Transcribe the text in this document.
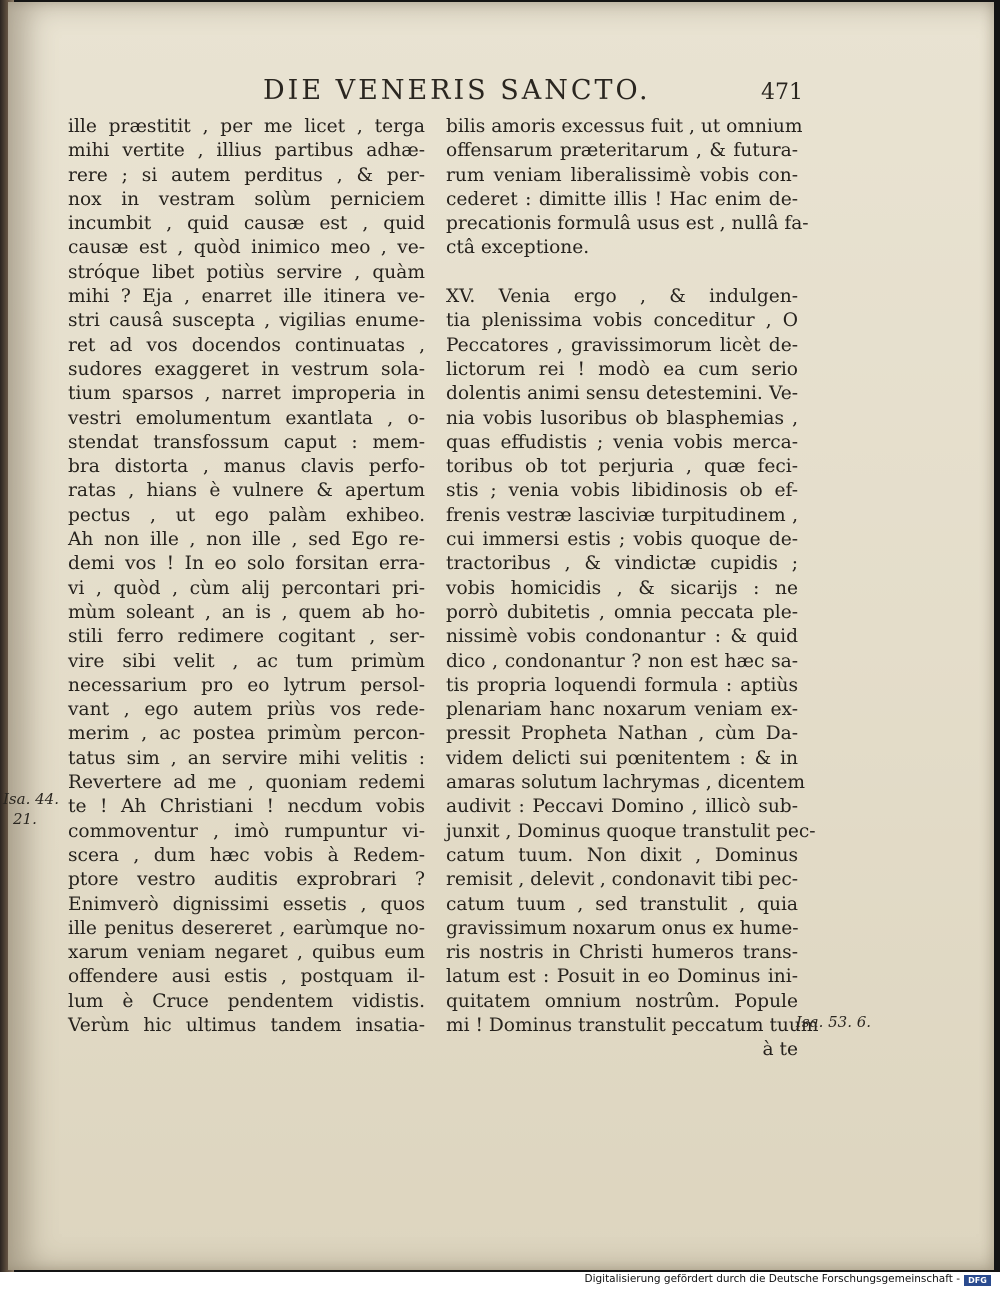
DIE VENERIS SANCTO.	471
ille præstitit , per me licet , terga
mihi vertite , illius partibus adhæ-
rere ; si autem perditus , & per-
nox in vestram solùm perniciem
incumbit , quid causæ est , quid
causæ est , quòd inimico meo , ve-
stróque libet potiùs servire , quàm
mihi ? Eja , enarret ille itinera ve-
stri causâ suscepta , vigilias enume-
ret ad vos docendos continuatas ,
sudores exaggeret in vestrum sola-
tium sparsos , narret improperia in
vestri emolumentum exantlata , o-
stendat transfossum caput : mem-
bra distorta , manus clavis perfo-
ratas , hians è vulnere & apertum
pectus , ut ego palàm exhibeo.
Ah non ille , non ille , sed Ego re-
demi vos ! In eo solo forsitan erra-
vi , quòd , cùm alij percontari pri-
mùm soleant , an is , quem ab ho-
stili ferro redimere cogitant , ser-
vire sibi velit , ac tum primùm
necessarium pro eo lytrum persol-
vant , ego autem priùs vos rede-
merim , ac postea primùm percon-
tatus sim , an servire mihi velitis :
Revertere ad me , quoniam redemi
te ! Ah Christiani ! necdum vobis
commoventur , imò rumpuntur vi-
scera , dum hæc vobis à Redem-
ptore vestro auditis exprobrari ?
Enimverò dignissimi essetis , quos
ille penitus desereret , earùmque no-
xarum veniam negaret , quibus eum
offendere ausi estis , postquam il-
lum è Cruce pendentem vidistis.
Verùm hic ultimus tandem insatia-
bilis amoris excessus fuit , ut omnium
offensarum præteritarum , & futura-
rum veniam liberalissimè vobis con-
cederet : dimitte illis ! Hac enim de-
precationis formulâ usus est , nullâ fa-
ctâ exceptione.
XV. Venia ergo , & indulgen-
tia plenissima vobis conceditur , O
Peccatores , gravissimorum licèt de-
lictorum rei ! modò ea cum serio
dolentis animi sensu detestemini. Ve-
nia vobis lusoribus ob blasphemias ,
quas effudistis ; venia vobis merca-
toribus ob tot perjuria , quæ feci-
stis ; venia vobis libidinosis ob ef-
frenis vestræ lasciviæ turpitudinem ,
cui immersi estis ; vobis quoque de-
tractoribus , & vindictæ cupidis ;
vobis homicidis , & sicarijs : ne
porrò dubitetis , omnia peccata ple-
nissimè vobis condonantur : & quid
dico , condonantur ? non est hæc sa-
tis propria loquendi formula : aptiùs
plenariam hanc noxarum veniam ex-
pressit Propheta Nathan , cùm Da-
videm delicti sui pœnitentem : & in
amaras solutum lachrymas , dicentem
audivit : Peccavi Domino , illicò sub-
junxit , Dominus quoque transtulit pec-
catum tuum. Non dixit , Dominus
remisit , delevit , condonavit tibi pec-
catum tuum , sed transtulit , quia
gravissimum noxarum onus ex hume-
ris nostris in Christi humeros trans-
latum est : Posuit in eo Dominus ini-
quitatem omnium nostrûm. Popule
mi ! Dominus transtulit peccatum tuum
à te
Isa. 44.
21.
Isa. 53. 6.
Digitalisierung gefördert durch die Deutsche Forschungsgemeinschaft -	DFG
